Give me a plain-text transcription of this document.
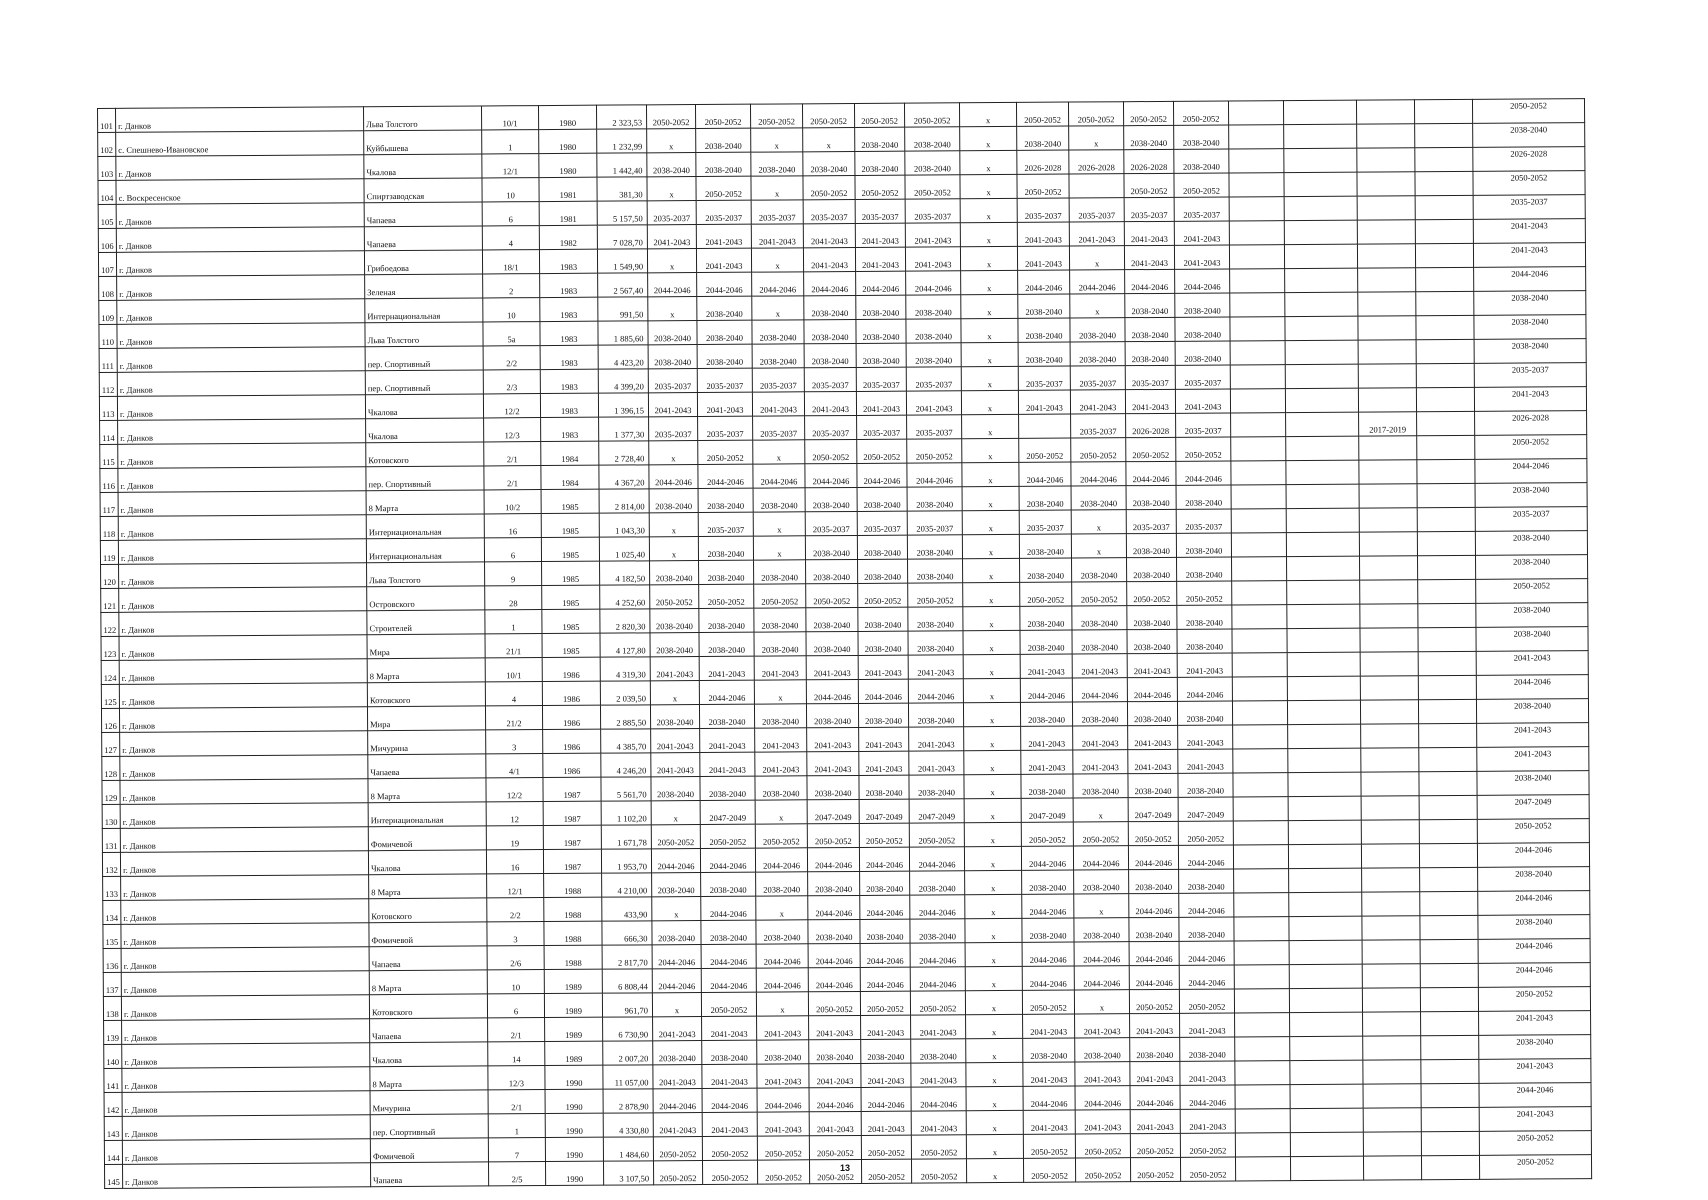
101	г. Данков	Льва Толстого	10/1	1980	2 323,53	2050-2052	2050-2052	2050-2052	2050-2052	2050-2052	2050-2052	х	2050-2052	2050-2052	2050-2052	2050-2052					2050-2052
102	с. Спешнево-Ивановское	Куйбышева	1	1980	1 232,99	х	2038-2040	х	х	2038-2040	2038-2040	х	2038-2040	х	2038-2040	2038-2040					2038-2040
103	г. Данков	Чкалова	12/1	1980	1 442,40	2038-2040	2038-2040	2038-2040	2038-2040	2038-2040	2038-2040	х	2026-2028	2026-2028	2026-2028	2038-2040					2026-2028
104	с. Воскресенское	Спиртзаводская	10	1981	381,30	х	2050-2052	х	2050-2052	2050-2052	2050-2052	х	2050-2052		2050-2052	2050-2052					2050-2052
105	г. Данков	Чапаева	6	1981	5 157,50	2035-2037	2035-2037	2035-2037	2035-2037	2035-2037	2035-2037	х	2035-2037	2035-2037	2035-2037	2035-2037					2035-2037
106	г. Данков	Чапаева	4	1982	7 028,70	2041-2043	2041-2043	2041-2043	2041-2043	2041-2043	2041-2043	х	2041-2043	2041-2043	2041-2043	2041-2043					2041-2043
107	г. Данков	Грибоедова	18/1	1983	1 549,90	х	2041-2043	х	2041-2043	2041-2043	2041-2043	х	2041-2043	х	2041-2043	2041-2043					2041-2043
108	г. Данков	Зеленая	2	1983	2 567,40	2044-2046	2044-2046	2044-2046	2044-2046	2044-2046	2044-2046	х	2044-2046	2044-2046	2044-2046	2044-2046					2044-2046
109	г. Данков	Интернациональная	10	1983	991,50	х	2038-2040	х	2038-2040	2038-2040	2038-2040	х	2038-2040	х	2038-2040	2038-2040					2038-2040
110	г. Данков	Льва Толстого	5а	1983	1 885,60	2038-2040	2038-2040	2038-2040	2038-2040	2038-2040	2038-2040	х	2038-2040	2038-2040	2038-2040	2038-2040					2038-2040
111	г. Данков	пер. Спортивный	2/2	1983	4 423,20	2038-2040	2038-2040	2038-2040	2038-2040	2038-2040	2038-2040	х	2038-2040	2038-2040	2038-2040	2038-2040					2038-2040
112	г. Данков	пер. Спортивный	2/3	1983	4 399,20	2035-2037	2035-2037	2035-2037	2035-2037	2035-2037	2035-2037	х	2035-2037	2035-2037	2035-2037	2035-2037					2035-2037
113	г. Данков	Чкалова	12/2	1983	1 396,15	2041-2043	2041-2043	2041-2043	2041-2043	2041-2043	2041-2043	х	2041-2043	2041-2043	2041-2043	2041-2043					2041-2043
114	г. Данков	Чкалова	12/3	1983	1 377,30	2035-2037	2035-2037	2035-2037	2035-2037	2035-2037	2035-2037	х		2035-2037	2026-2028	2035-2037			2017-2019		2026-2028
115	г. Данков	Котовского	2/1	1984	2 728,40	х	2050-2052	х	2050-2052	2050-2052	2050-2052	х	2050-2052	2050-2052	2050-2052	2050-2052					2050-2052
116	г. Данков	пер. Спортивный	2/1	1984	4 367,20	2044-2046	2044-2046	2044-2046	2044-2046	2044-2046	2044-2046	х	2044-2046	2044-2046	2044-2046	2044-2046					2044-2046
117	г. Данков	8 Марта	10/2	1985	2 814,00	2038-2040	2038-2040	2038-2040	2038-2040	2038-2040	2038-2040	х	2038-2040	2038-2040	2038-2040	2038-2040					2038-2040
118	г. Данков	Интернациональная	16	1985	1 043,30	х	2035-2037	х	2035-2037	2035-2037	2035-2037	х	2035-2037	х	2035-2037	2035-2037					2035-2037
119	г. Данков	Интернациональная	6	1985	1 025,40	х	2038-2040	х	2038-2040	2038-2040	2038-2040	х	2038-2040	х	2038-2040	2038-2040					2038-2040
120	г. Данков	Льва Толстого	9	1985	4 182,50	2038-2040	2038-2040	2038-2040	2038-2040	2038-2040	2038-2040	х	2038-2040	2038-2040	2038-2040	2038-2040					2038-2040
121	г. Данков	Островского	28	1985	4 252,60	2050-2052	2050-2052	2050-2052	2050-2052	2050-2052	2050-2052	х	2050-2052	2050-2052	2050-2052	2050-2052					2050-2052
122	г. Данков	Строителей	1	1985	2 820,30	2038-2040	2038-2040	2038-2040	2038-2040	2038-2040	2038-2040	х	2038-2040	2038-2040	2038-2040	2038-2040					2038-2040
123	г. Данков	Мира	21/1	1985	4 127,80	2038-2040	2038-2040	2038-2040	2038-2040	2038-2040	2038-2040	х	2038-2040	2038-2040	2038-2040	2038-2040					2038-2040
124	г. Данков	8 Марта	10/1	1986	4 319,30	2041-2043	2041-2043	2041-2043	2041-2043	2041-2043	2041-2043	х	2041-2043	2041-2043	2041-2043	2041-2043					2041-2043
125	г. Данков	Котовского	4	1986	2 039,50	х	2044-2046	х	2044-2046	2044-2046	2044-2046	х	2044-2046	2044-2046	2044-2046	2044-2046					2044-2046
126	г. Данков	Мира	21/2	1986	2 885,50	2038-2040	2038-2040	2038-2040	2038-2040	2038-2040	2038-2040	х	2038-2040	2038-2040	2038-2040	2038-2040					2038-2040
127	г. Данков	Мичурина	3	1986	4 385,70	2041-2043	2041-2043	2041-2043	2041-2043	2041-2043	2041-2043	х	2041-2043	2041-2043	2041-2043	2041-2043					2041-2043
128	г. Данков	Чапаева	4/1	1986	4 246,20	2041-2043	2041-2043	2041-2043	2041-2043	2041-2043	2041-2043	х	2041-2043	2041-2043	2041-2043	2041-2043					2041-2043
129	г. Данков	8 Марта	12/2	1987	5 561,70	2038-2040	2038-2040	2038-2040	2038-2040	2038-2040	2038-2040	х	2038-2040	2038-2040	2038-2040	2038-2040					2038-2040
130	г. Данков	Интернациональная	12	1987	1 102,20	х	2047-2049	х	2047-2049	2047-2049	2047-2049	х	2047-2049	х	2047-2049	2047-2049					2047-2049
131	г. Данков	Фомичевой	19	1987	1 671,78	2050-2052	2050-2052	2050-2052	2050-2052	2050-2052	2050-2052	х	2050-2052	2050-2052	2050-2052	2050-2052					2050-2052
132	г. Данков	Чкалова	16	1987	1 953,70	2044-2046	2044-2046	2044-2046	2044-2046	2044-2046	2044-2046	х	2044-2046	2044-2046	2044-2046	2044-2046					2044-2046
133	г. Данков	8 Марта	12/1	1988	4 210,00	2038-2040	2038-2040	2038-2040	2038-2040	2038-2040	2038-2040	х	2038-2040	2038-2040	2038-2040	2038-2040					2038-2040
134	г. Данков	Котовского	2/2	1988	433,90	х	2044-2046	х	2044-2046	2044-2046	2044-2046	х	2044-2046	х	2044-2046	2044-2046					2044-2046
135	г. Данков	Фомичевой	3	1988	666,30	2038-2040	2038-2040	2038-2040	2038-2040	2038-2040	2038-2040	х	2038-2040	2038-2040	2038-2040	2038-2040					2038-2040
136	г. Данков	Чапаева	2/6	1988	2 817,70	2044-2046	2044-2046	2044-2046	2044-2046	2044-2046	2044-2046	х	2044-2046	2044-2046	2044-2046	2044-2046					2044-2046
137	г. Данков	8 Марта	10	1989	6 808,44	2044-2046	2044-2046	2044-2046	2044-2046	2044-2046	2044-2046	х	2044-2046	2044-2046	2044-2046	2044-2046					2044-2046
138	г. Данков	Котовского	6	1989	961,70	х	2050-2052	х	2050-2052	2050-2052	2050-2052	х	2050-2052	х	2050-2052	2050-2052					2050-2052
139	г. Данков	Чапаева	2/1	1989	6 730,90	2041-2043	2041-2043	2041-2043	2041-2043	2041-2043	2041-2043	х	2041-2043	2041-2043	2041-2043	2041-2043					2041-2043
140	г. Данков	Чкалова	14	1989	2 007,20	2038-2040	2038-2040	2038-2040	2038-2040	2038-2040	2038-2040	х	2038-2040	2038-2040	2038-2040	2038-2040					2038-2040
141	г. Данков	8 Марта	12/3	1990	11 057,00	2041-2043	2041-2043	2041-2043	2041-2043	2041-2043	2041-2043	х	2041-2043	2041-2043	2041-2043	2041-2043					2041-2043
142	г. Данков	Мичурина	2/1	1990	2 878,90	2044-2046	2044-2046	2044-2046	2044-2046	2044-2046	2044-2046	х	2044-2046	2044-2046	2044-2046	2044-2046					2044-2046
143	г. Данков	пер. Спортивный	1	1990	4 330,80	2041-2043	2041-2043	2041-2043	2041-2043	2041-2043	2041-2043	х	2041-2043	2041-2043	2041-2043	2041-2043					2041-2043
144	г. Данков	Фомичевой	7	1990	1 484,60	2050-2052	2050-2052	2050-2052	2050-2052	2050-2052	2050-2052	х	2050-2052	2050-2052	2050-2052	2050-2052					2050-2052
145	г. Данков	Чапаева	2/5	1990	3 107,50	2050-2052	2050-2052	2050-2052	2050-2052	2050-2052	2050-2052	х	2050-2052	2050-2052	2050-2052	2050-2052					2050-2052
13
